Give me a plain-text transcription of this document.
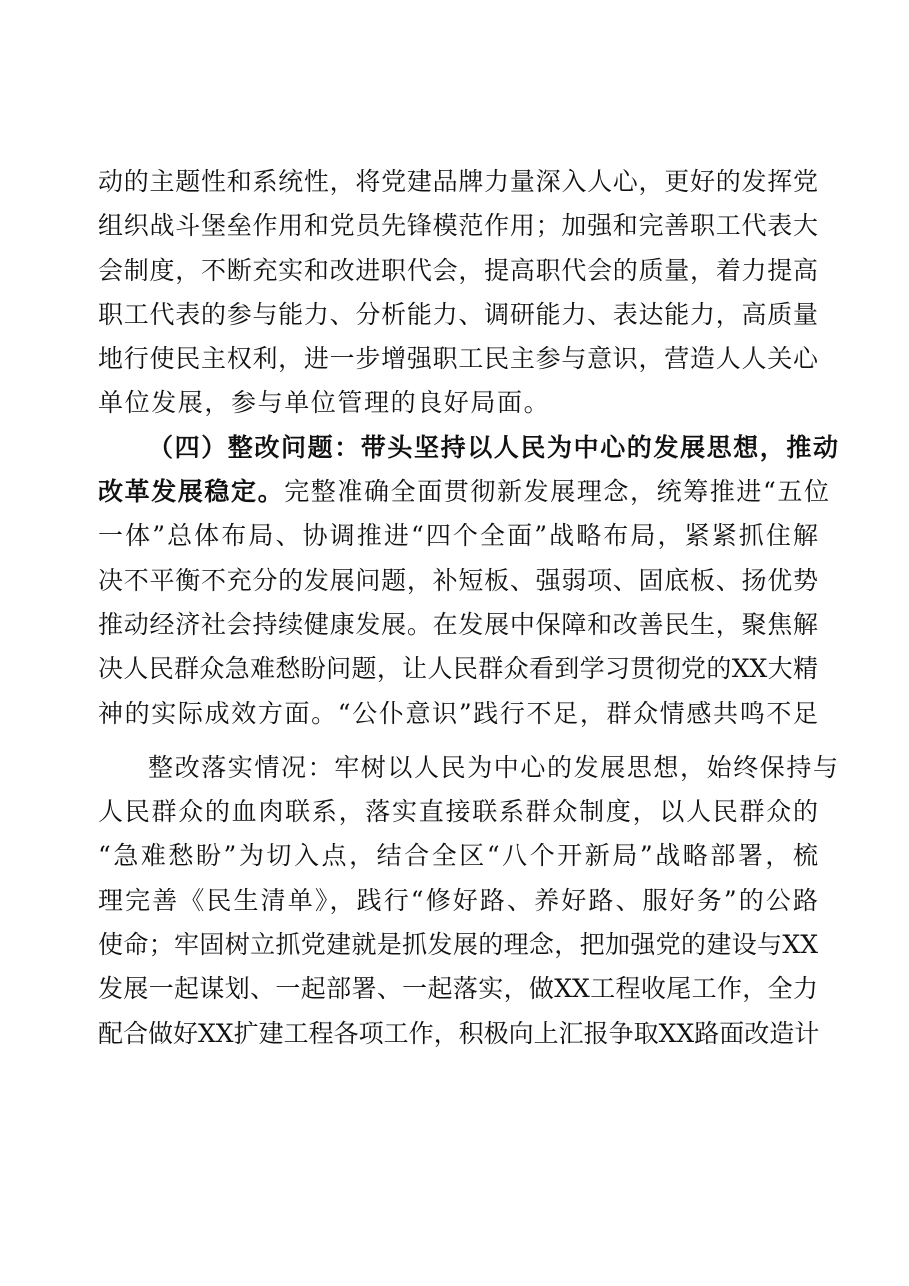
动的主题性和系统性，将党建品牌力量深入人心，更好的发挥党
组织战斗堡垒作用和党员先锋模范作用；加强和完善职工代表大
会制度，不断充实和改进职代会，提高职代会的质量，着力提高
职工代表的参与能力、分析能力、调研能力、表达能力，高质量
地行使民主权利，进一步增强职工民主参与意识，营造人人关心
单位发展，参与单位管理的良好局面。
（四）整改问题：带头坚持以人民为中心的发展思想，推动
改革发展稳定。完整准确全面贯彻新发展理念，统筹推进“五位
一体”总体布局、协调推进“四个全面”战略布局，紧紧抓住解
决不平衡不充分的发展问题，补短板、强弱项、固底板、扬优势
推动经济社会持续健康发展。在发展中保障和改善民生，聚焦解
决人民群众急难愁盼问题，让人民群众看到学习贯彻党的XX大精
神的实际成效方面。“公仆意识”践行不足，群众情感共鸣不足
整改落实情况：牢树以人民为中心的发展思想，始终保持与
人民群众的血肉联系，落实直接联系群众制度，以人民群众的
“急难愁盼”为切入点，结合全区“八个开新局”战略部署，梳
理完善《民生清单》，践行“修好路、养好路、服好务”的公路
使命；牢固树立抓党建就是抓发展的理念，把加强党的建设与XX
发展一起谋划、一起部署、一起落实，做XX工程收尾工作，全力
配合做好XX扩建工程各项工作，积极向上汇报争取XX路面改造计
